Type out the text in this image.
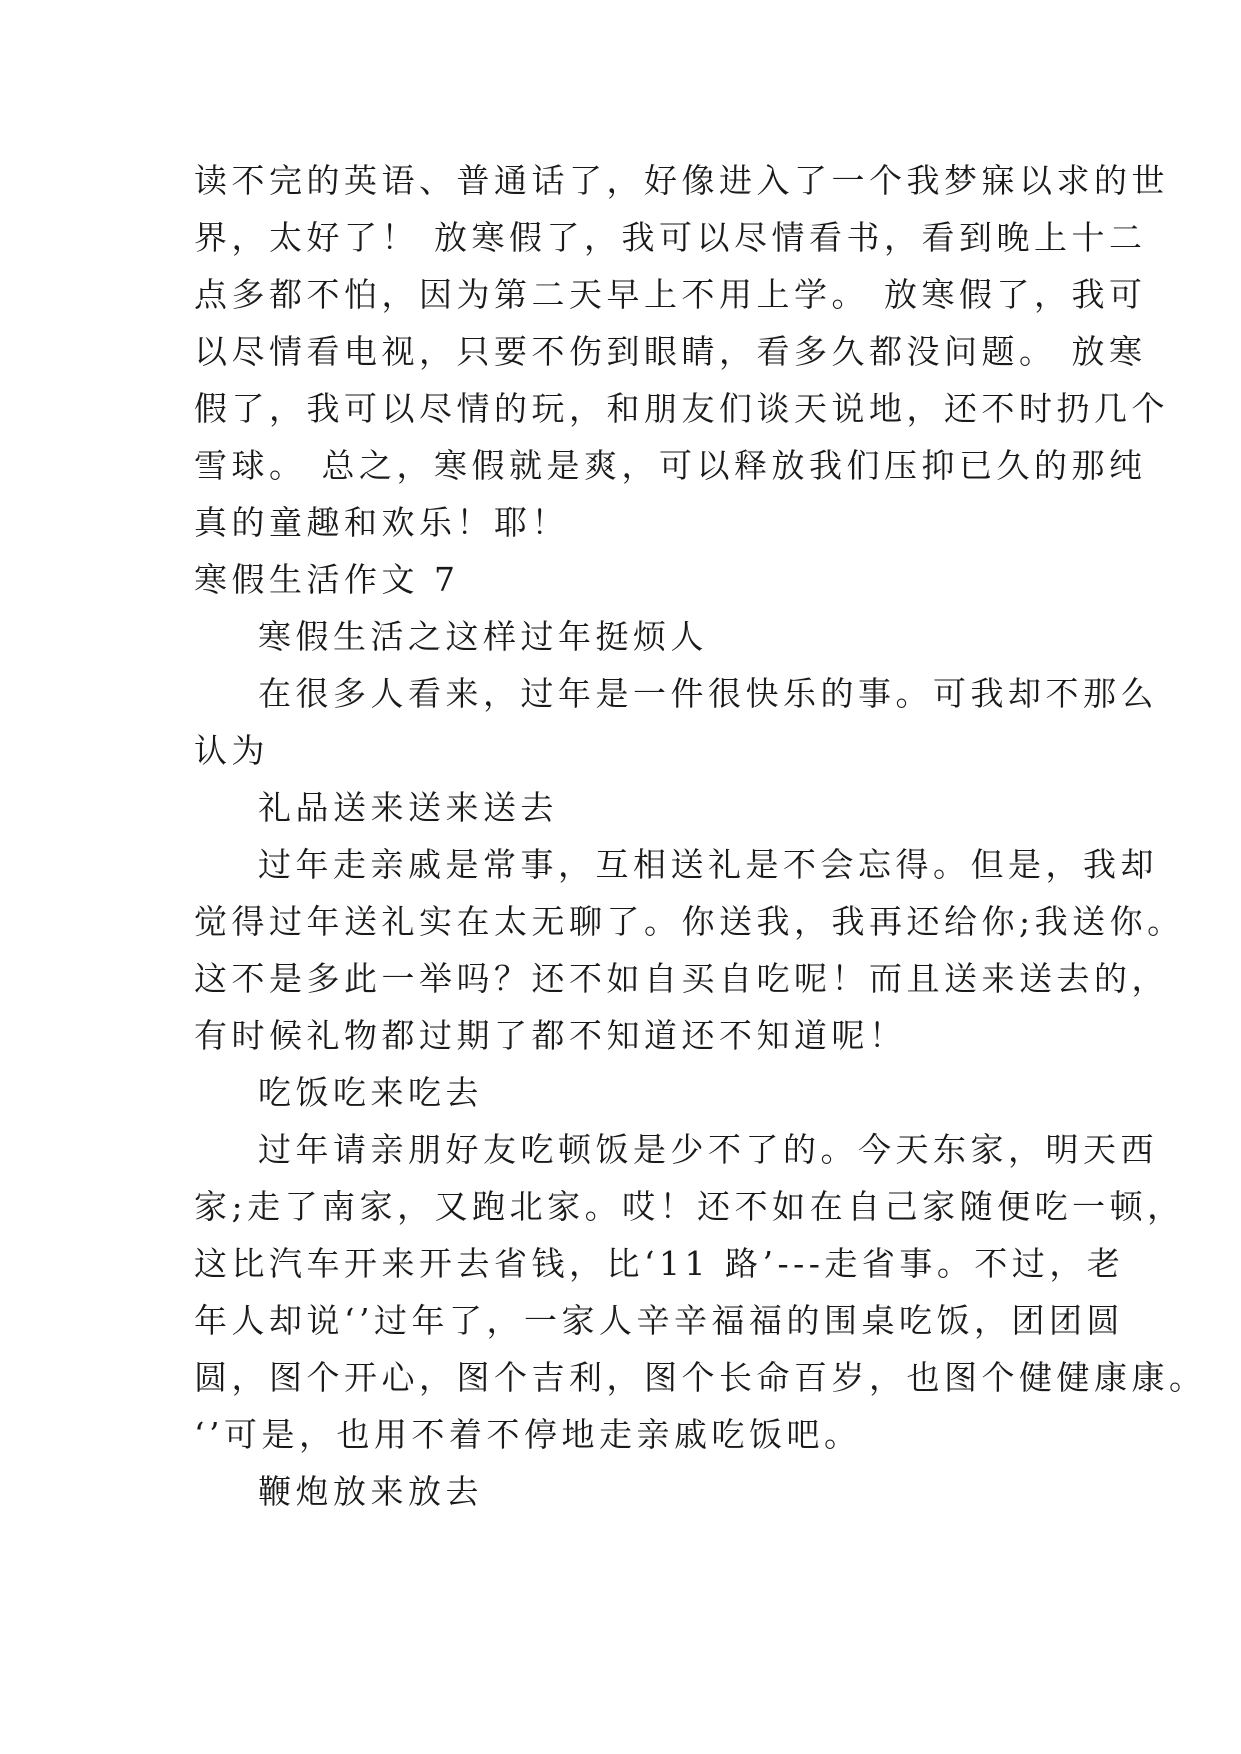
读不完的英语、普通话了，好像进入了一个我梦寐以求的世
界，太好了！ 放寒假了，我可以尽情看书，看到晚上十二
点多都不怕，因为第二天早上不用上学。 放寒假了，我可
以尽情看电视，只要不伤到眼睛，看多久都没问题。 放寒
假了，我可以尽情的玩，和朋友们谈天说地，还不时扔几个
雪球。 总之，寒假就是爽，可以释放我们压抑已久的那纯
真的童趣和欢乐！耶！
寒假生活作文 7
寒假生活之这样过年挺烦人
在很多人看来，过年是一件很快乐的事。可我却不那么
认为
礼品送来送来送去
过年走亲戚是常事，互相送礼是不会忘得。但是，我却
觉得过年送礼实在太无聊了。你送我，我再还给你;我送你。
这不是多此一举吗？还不如自买自吃呢！而且送来送去的，
有时候礼物都过期了都不知道还不知道呢！
吃饭吃来吃去
过年请亲朋好友吃顿饭是少不了的。今天东家，明天西
家;走了南家，又跑北家。哎！还不如在自己家随便吃一顿，
这比汽车开来开去省钱，比‘11 路’---走省事。不过，老
年人却说‘’过年了，一家人辛辛福福的围桌吃饭，团团圆
圆，图个开心，图个吉利，图个长命百岁，也图个健健康康。
‘’可是，也用不着不停地走亲戚吃饭吧。
鞭炮放来放去
